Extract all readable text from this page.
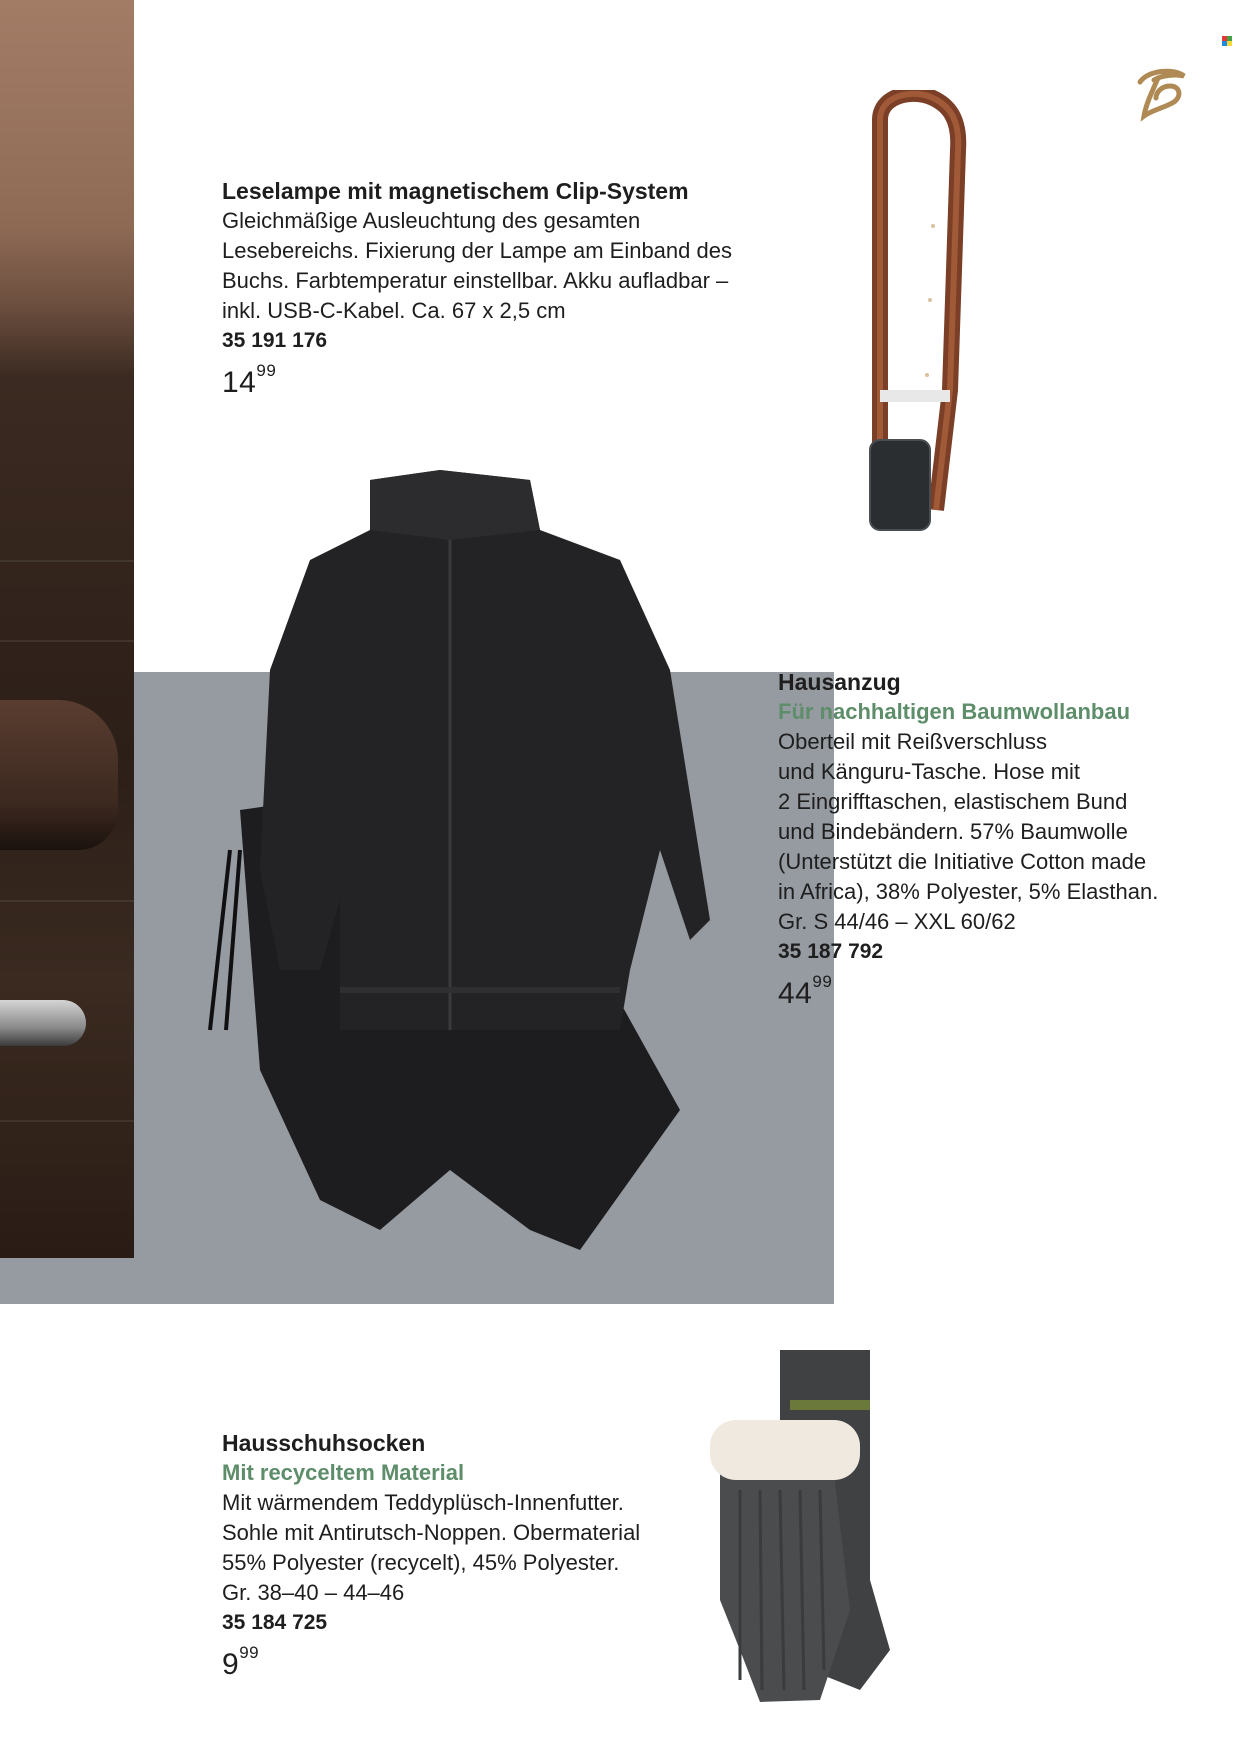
Leselampe mit magnetischem Clip-System
Gleichmäßige Ausleuchtung des gesamten
Lesebereichs. Fixierung der Lampe am Einband des
Buchs. Farbtemperatur einstellbar. Akku aufladbar –
inkl. USB-C-Kabel. Ca. 67 x 2,5 cm
35 191 176
$14^{99}$
Hausanzug
Für nachhaltigen Baumwollanbau
Oberteil mit Reißverschluss
und Känguru-Tasche. Hose mit
2 Eingrifftaschen, elastischem Bund
und Bindebändern. 57% Baumwolle
(Unterstützt die Initiative Cotton made
in Africa), 38% Polyester, 5% Elasthan.
Gr. S 44/46 – XXL 60/62
35 187 792
$44^{99}$
Hausschuhsocken
Mit recyceltem Material
Mit wärmendem Teddyplüsch-Innenfutter.
Sohle mit Antirutsch-Noppen. Obermaterial
55% Polyester (recycelt), 45% Polyester.
Gr. 38–40 – 44–46
35 184 725
$9^{99}$
